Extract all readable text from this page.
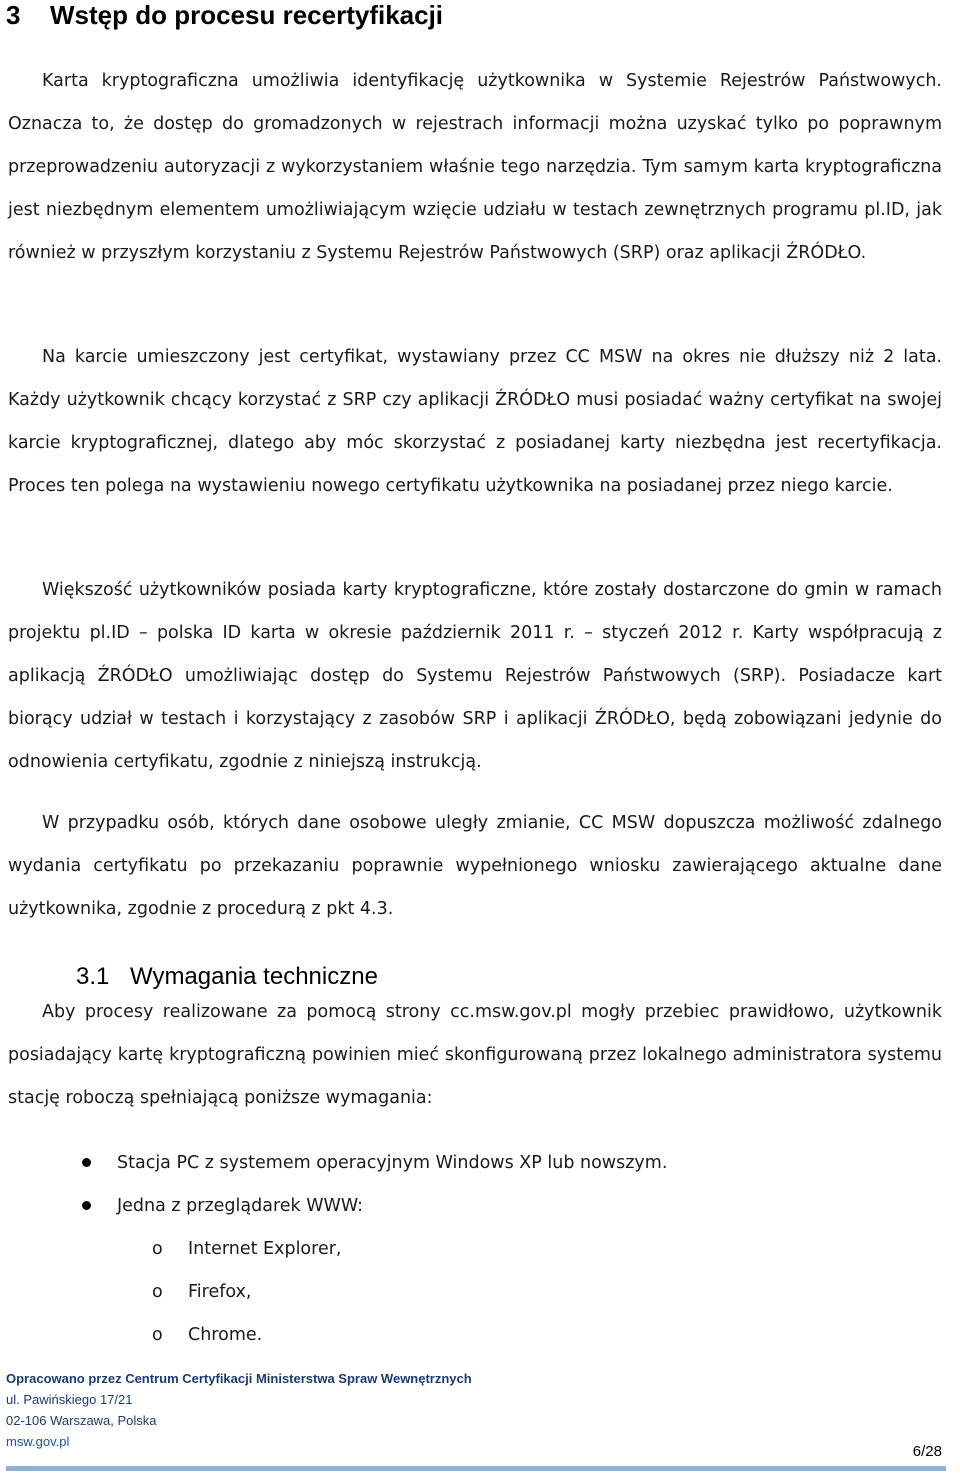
3 Wstęp do procesu recertyfikacji

Karta kryptograficzna umożliwia identyfikację użytkownika w Systemie Rejestrów Państwowych. Oznacza to, że dostęp do gromadzonych w rejestrach informacji można uzyskać tylko po poprawnym przeprowadzeniu autoryzacji z wykorzystaniem właśnie tego narzędzia. Tym samym karta kryptograficzna jest niezbędnym elementem umożliwiającym wzięcie udziału w testach zewnętrznych programu pl.ID, jak również w przyszłym korzystaniu z Systemu Rejestrów Państwowych (SRP) oraz aplikacji ŹRÓDŁO.

Na karcie umieszczony jest certyfikat, wystawiany przez CC MSW na okres nie dłuższy niż 2 lata. Każdy użytkownik chcący korzystać z SRP czy aplikacji ŹRÓDŁO musi posiadać ważny certyfikat na swojej karcie kryptograficznej, dlatego aby móc skorzystać z posiadanej karty niezbędna jest recertyfikacja. Proces ten polega na wystawieniu nowego certyfikatu użytkownika na posiadanej przez niego karcie.

Większość użytkowników posiada karty kryptograficzne, które zostały dostarczone do gmin w ramach projektu pl.ID – polska ID karta w okresie październik 2011 r. – styczeń 2012 r. Karty współpracują z aplikacją ŹRÓDŁO umożliwiając dostęp do Systemu Rejestrów Państwowych (SRP). Posiadacze kart biorący udział w testach i korzystający z zasobów SRP i aplikacji ŹRÓDŁO, będą zobowiązani jedynie do odnowienia certyfikatu, zgodnie z niniejszą instrukcją.

W przypadku osób, których dane osobowe uległy zmianie, CC MSW dopuszcza możliwość zdalnego wydania certyfikatu po przekazaniu poprawnie wypełnionego wniosku zawierającego aktualne dane użytkownika, zgodnie z procedurą z pkt 4.3.

3.1 Wymagania techniczne

Aby procesy realizowane za pomocą strony cc.msw.gov.pl mogły przebiec prawidłowo, użytkownik posiadający kartę kryptograficzną powinien mieć skonfigurowaną przez lokalnego administratora systemu stację roboczą spełniającą poniższe wymagania:

Stacja PC z systemem operacyjnym Windows XP lub nowszym.
Jedna z przeglądarek WWW:
o Internet Explorer,
o Firefox,
o Chrome.
Opracowano przez Centrum Certyfikacji Ministerstwa Spraw Wewnętrznych
ul. Pawińskiego 17/21
02-106 Warszawa, Polska
msw.gov.pl
6/28
